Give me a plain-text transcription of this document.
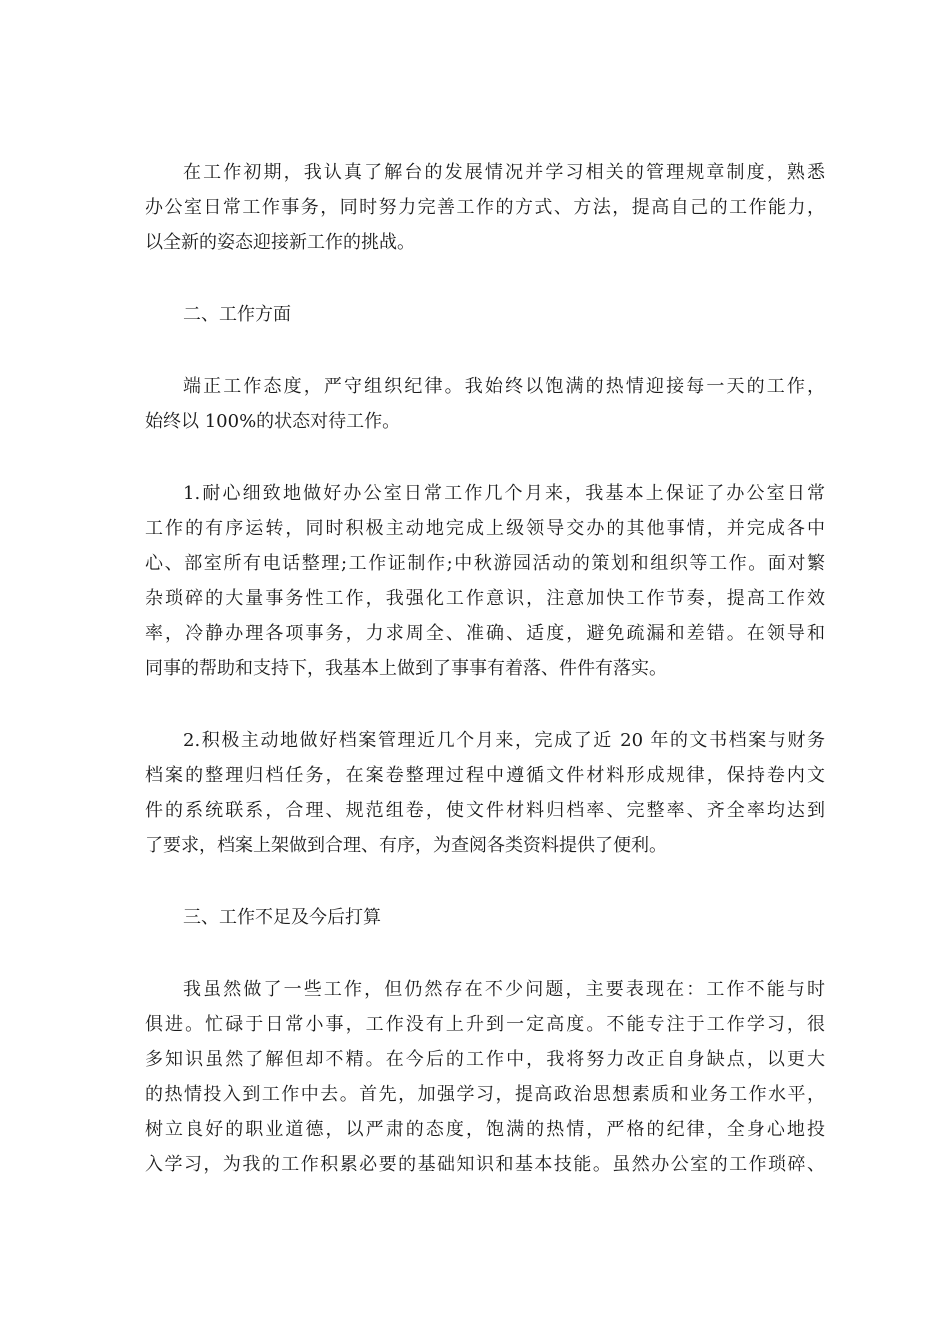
在工作初期，我认真了解台的发展情况并学习相关的管理规章制度，熟悉
办公室日常工作事务，同时努力完善工作的方式、方法，提高自己的工作能力，
以全新的姿态迎接新工作的挑战。

二、工作方面

端正工作态度，严守组织纪律。我始终以饱满的热情迎接每一天的工作，
始终以 100%的状态对待工作。

1.耐心细致地做好办公室日常工作几个月来，我基本上保证了办公室日常
工作的有序运转，同时积极主动地完成上级领导交办的其他事情，并完成各中
心、部室所有电话整理;工作证制作;中秋游园活动的策划和组织等工作。面对繁
杂琐碎的大量事务性工作，我强化工作意识，注意加快工作节奏，提高工作效
率，冷静办理各项事务，力求周全、准确、适度，避免疏漏和差错。在领导和
同事的帮助和支持下，我基本上做到了事事有着落、件件有落实。

2.积极主动地做好档案管理近几个月来，完成了近 20 年的文书档案与财务
档案的整理归档任务，在案卷整理过程中遵循文件材料形成规律，保持卷内文
件的系统联系，合理、规范组卷，使文件材料归档率、完整率、齐全率均达到
了要求，档案上架做到合理、有序，为查阅各类资料提供了便利。

三、工作不足及今后打算

我虽然做了一些工作，但仍然存在不少问题，主要表现在：工作不能与时
俱进。忙碌于日常小事，工作没有上升到一定高度。不能专注于工作学习，很
多知识虽然了解但却不精。在今后的工作中，我将努力改正自身缺点，以更大
的热情投入到工作中去。首先，加强学习，提高政治思想素质和业务工作水平，
树立良好的职业道德，以严肃的态度，饱满的热情，严格的纪律，全身心地投
入学习，为我的工作积累必要的基础知识和基本技能。虽然办公室的工作琐碎、
